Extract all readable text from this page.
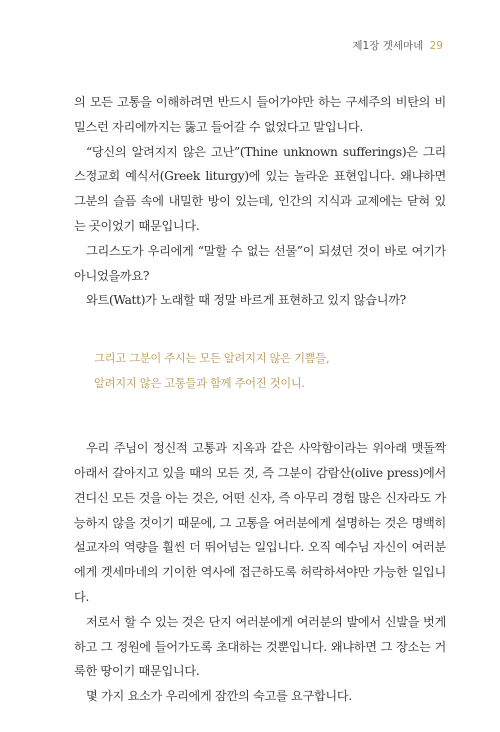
제1장 겟세마네 29

의 모든 고통을 이해하려면 반드시 들어가야만 하는 구세주의 비탄의 비밀스런 자리에까지는 뚫고 들어갈 수 없었다고 말입니다.

“당신의 알려지지 않은 고난”(Thine unknown sufferings)은 그리스정교회 예식서(Greek liturgy)에 있는 놀라운 표현입니다. 왜냐하면 그분의 슬픔 속에 내밀한 방이 있는데, 인간의 지식과 교제에는 닫혀 있는 곳이었기 때문입니다.

그리스도가 우리에게 “말할 수 없는 선물”이 되셨던 것이 바로 여기가 아니었을까요?

와트(Watt)가 노래할 때 정말 바르게 표현하고 있지 않습니까?

그리고 그분이 주시는 모든 알려지지 않은 기쁨들,
알려지지 않은 고통들과 함께 주어진 것이니.

우리 주님이 정신적 고통과 지옥과 같은 사악함이라는 위아래 맷돌짝 아래서 갈아지고 있을 때의 모든 것, 즉 그분이 감람산(olive press)에서 견디신 모든 것을 아는 것은, 어떤 신자, 즉 아무리 경험 많은 신자라도 가능하지 않을 것이기 때문에, 그 고통을 여러분에게 설명하는 것은 명백히 설교자의 역량을 훨씬 더 뛰어넘는 일입니다. 오직 예수님 자신이 여러분에게 겟세마네의 기이한 역사에 접근하도록 허락하셔야만 가능한 일입니다.

저로서 할 수 있는 것은 단지 여러분에게 여러분의 발에서 신발을 벗게 하고 그 정원에 들어가도록 초대하는 것뿐입니다. 왜냐하면 그 장소는 거룩한 땅이기 때문입니다.

몇 가지 요소가 우리에게 잠깐의 숙고를 요구합니다.
